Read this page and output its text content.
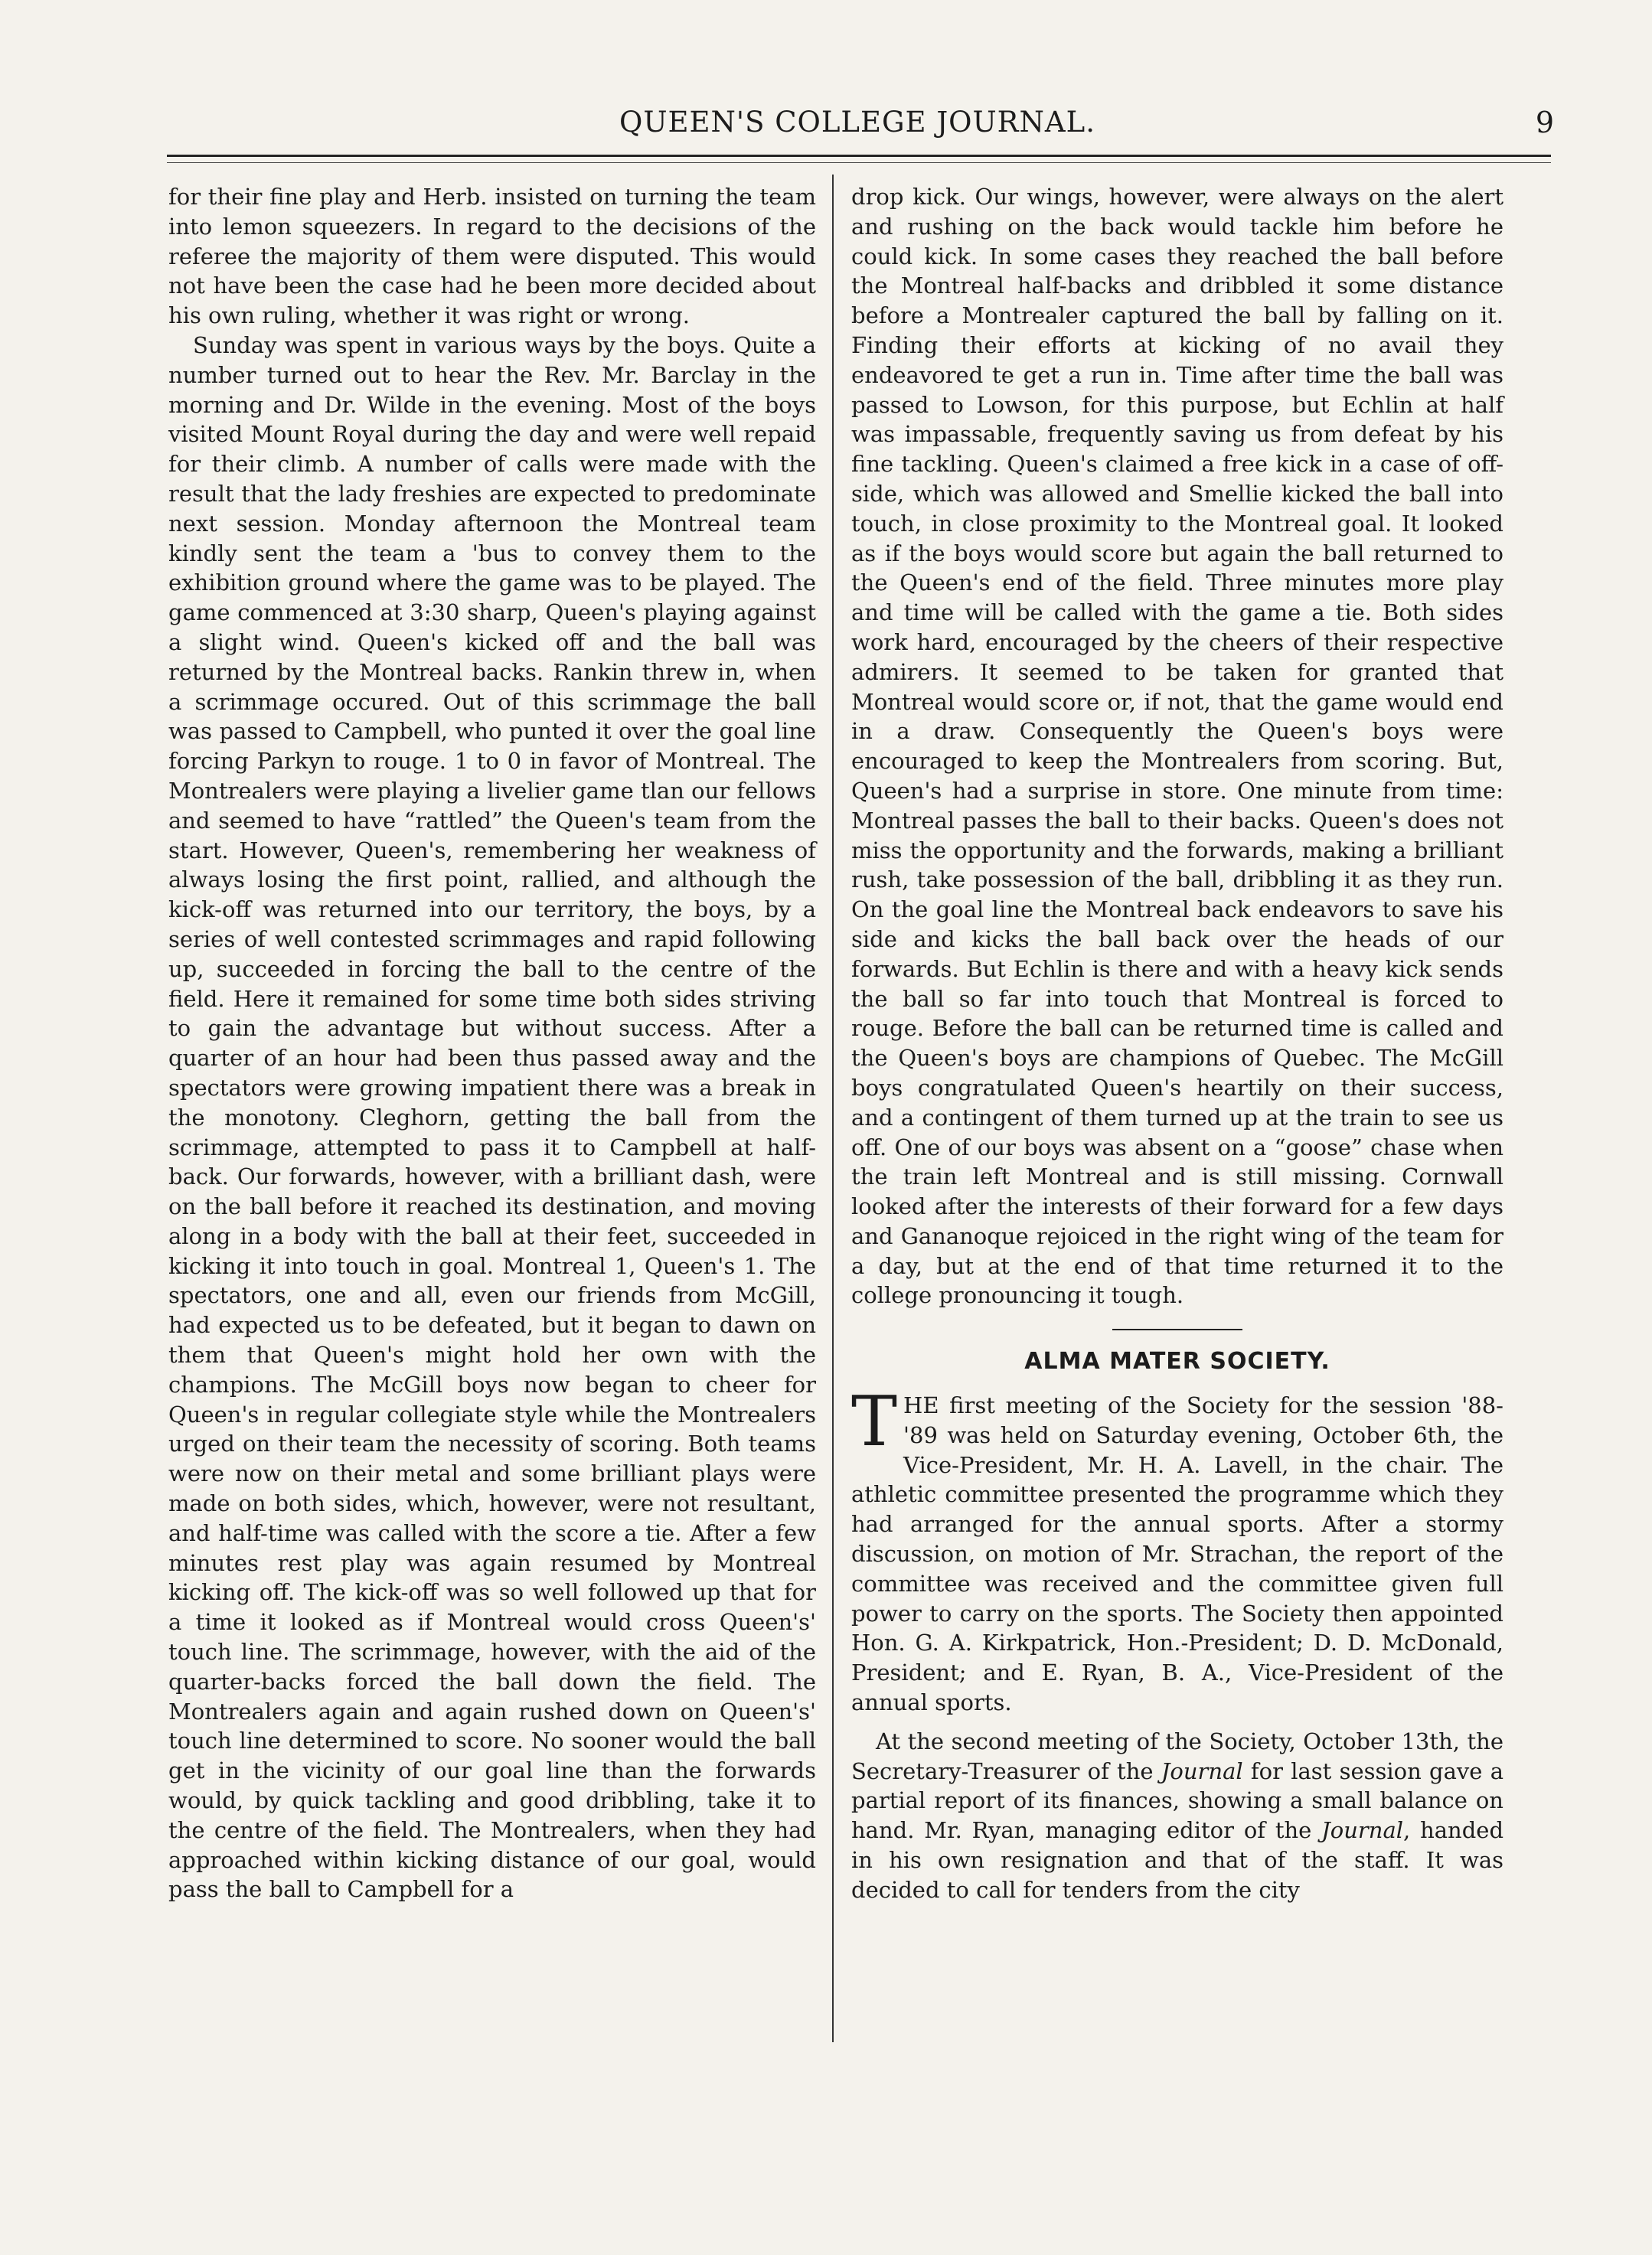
QUEEN'S COLLEGE JOURNAL.	9

for their fine play and Herb. insisted on turning the team into lemon squeezers. In regard to the decisions of the referee the majority of them were disputed. This would not have been the case had he been more decided about his own ruling, whether it was right or wrong.

Sunday was spent in various ways by the boys. Quite a number turned out to hear the Rev. Mr. Barclay in the morning and Dr. Wilde in the evening. Most of the boys visited Mount Royal during the day and were well repaid for their climb. A number of calls were made with the result that the lady freshies are expected to predominate next session. Monday afternoon the Montreal team kindly sent the team a 'bus to convey them to the exhibition ground where the game was to be played. The game commenced at 3:30 sharp, Queen's playing against a slight wind. Queen's kicked off and the ball was returned by the Montreal backs. Rankin threw in, when a scrimmage occured. Out of this scrimmage the ball was passed to Campbell, who punted it over the goal line forcing Parkyn to rouge. 1 to 0 in favor of Montreal. The Montrealers were playing a livelier game tlan our fellows and seemed to have “rattled” the Queen's team from the start. However, Queen's, remembering her weakness of always losing the first point, rallied, and although the kick-off was returned into our territory, the boys, by a series of well contested scrimmages and rapid following up, succeeded in forcing the ball to the centre of the field. Here it remained for some time both sides striving to gain the advantage but without success. After a quarter of an hour had been thus passed away and the spectators were growing impatient there was a break in the monotony. Cleghorn, getting the ball from the scrimmage, attempted to pass it to Campbell at half-back. Our forwards, however, with a brilliant dash, were on the ball before it reached its destination, and moving along in a body with the ball at their feet, succeeded in kicking it into touch in goal. Montreal 1, Queen's 1. The spectators, one and all, even our friends from McGill, had expected us to be defeated, but it began to dawn on them that Queen's might hold her own with the champions. The McGill boys now began to cheer for Queen's in regular collegiate style while the Montrealers urged on their team the necessity of scoring. Both teams were now on their metal and some brilliant plays were made on both sides, which, however, were not resultant, and half-time was called with the score a tie. After a few minutes rest play was again resumed by Montreal kicking off. The kick-off was so well followed up that for a time it looked as if Montreal would cross Queen's' touch line. The scrimmage, however, with the aid of the quarter-backs forced the ball down the field. The Montrealers again and again rushed down on Queen's' touch line determined to score. No sooner would the ball get in the vicinity of our goal line than the forwards would, by quick tackling and good dribbling, take it to the centre of the field. The Montrealers, when they had approached within kicking distance of our goal, would pass the ball to Campbell for a

drop kick. Our wings, however, were always on the alert and rushing on the back would tackle him before he could kick. In some cases they reached the ball before the Montreal half-backs and dribbled it some distance before a Montrealer captured the ball by falling on it. Finding their efforts at kicking of no avail they endeavored te get a run in. Time after time the ball was passed to Lowson, for this purpose, but Echlin at half was impassable, frequently saving us from defeat by his fine tackling. Queen's claimed a free kick in a case of off-side, which was allowed and Smellie kicked the ball into touch, in close proximity to the Montreal goal. It looked as if the boys would score but again the ball returned to the Queen's end of the field. Three minutes more play and time will be called with the game a tie. Both sides work hard, encouraged by the cheers of their respective admirers. It seemed to be taken for granted that Montreal would score or, if not, that the game would end in a draw. Consequently the Queen's boys were encouraged to keep the Montrealers from scoring. But, Queen's had a surprise in store. One minute from time: Montreal passes the ball to their backs. Queen's does not miss the opportunity and the forwards, making a brilliant rush, take possession of the ball, dribbling it as they run. On the goal line the Montreal back endeavors to save his side and kicks the ball back over the heads of our forwards. But Echlin is there and with a heavy kick sends the ball so far into touch that Montreal is forced to rouge. Before the ball can be returned time is called and the Queen's boys are champions of Quebec. The McGill boys congratulated Queen's heartily on their success, and a contingent of them turned up at the train to see us off. One of our boys was absent on a “goose” chase when the train left Montreal and is still missing. Cornwall looked after the interests of their forward for a few days and Gananoque rejoiced in the right wing of the team for a day, but at the end of that time returned it to the college pronouncing it tough.

ALMA MATER SOCIETY.

THE first meeting of the Society for the session '88-'89 was held on Saturday evening, October 6th, the Vice-President, Mr. H. A. Lavell, in the chair. The athletic committee presented the programme which they had arranged for the annual sports. After a stormy discussion, on motion of Mr. Strachan, the report of the committee was received and the committee given full power to carry on the sports. The Society then appointed Hon. G. A. Kirkpatrick, Hon.-President; D. D. McDonald, President; and E. Ryan, B. A., Vice-President of the annual sports.

At the second meeting of the Society, October 13th, the Secretary-Treasurer of the Journal for last session gave a partial report of its finances, showing a small balance on hand. Mr. Ryan, managing editor of the Journal, handed in his own resignation and that of the staff. It was decided to call for tenders from the city
